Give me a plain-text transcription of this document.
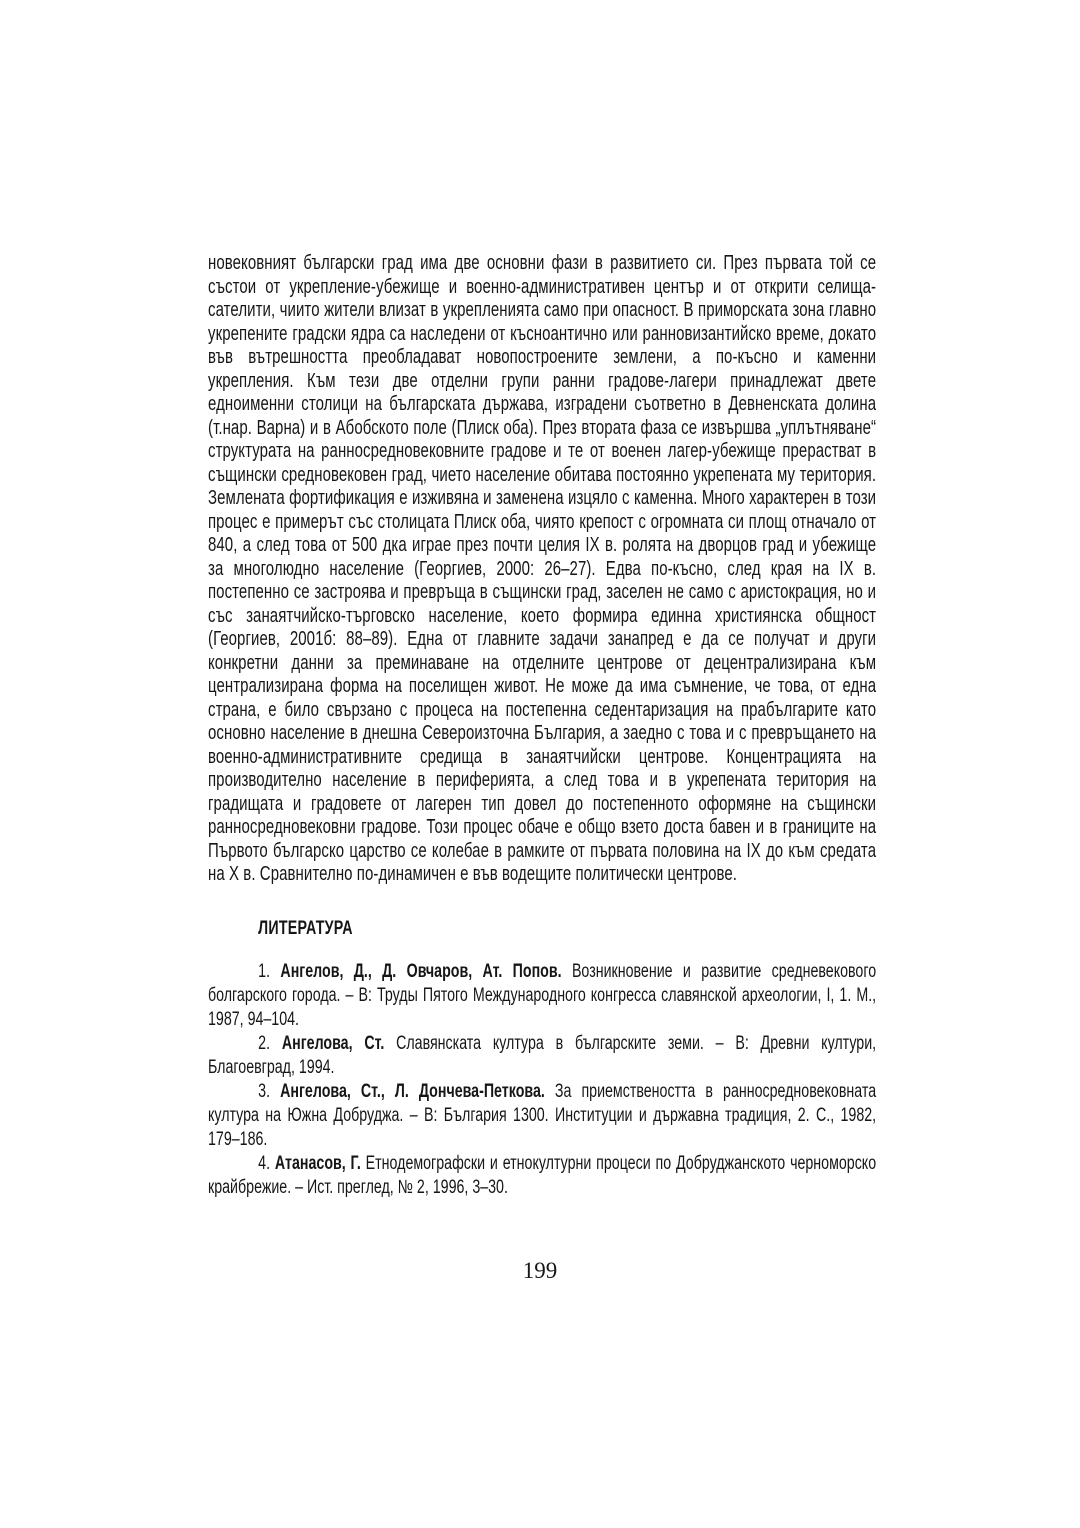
новековният български град има две основни фази в развитието си. През първата той се състои от укрепление-убежище и военно-административен център и от открити селища-сателити, чиито жители влизат в укрепленията само при опасност. В приморската зона главно укрепените градски ядра са наследени от късноантично или ранновизантийско време, докато във вътрешността преобладават новопостроените землени, а по-късно и каменни укрепления. Към тези две отделни групи ранни градове-лагери принадлежат двете едноименни столици на българската държава, изградени съответно в Девненската долина (т.нар. Варна) и в Абобското поле (Плиск оба). През втората фаза се извършва „уплътняване“ структурата на ранносредновековните градове и те от военен лагер-убежище прерастват в същински средновековен град, чието население обитава постоянно укрепената му територия. Землената фортификация е изживяна и заменена изцяло с каменна. Много характерен в този процес е примерът със столицата Плиск оба, чиято крепост с огромната си площ отначало от 840, а след това от 500 дка играе през почти целия IX в. ролята на дворцов град и убежище за многолюдно население (Георгиев, 2000: 26–27). Едва по-късно, след края на IX в. постепенно се застроява и превръща в същински град, заселен не само с аристокрация, но и със занаятчийско-търговско население, което формира единна християнска общност (Георгиев, 2001б: 88–89). Една от главните задачи занапред е да се получат и други конкретни данни за преминаване на отделните центрове от децентрализирана към централизирана форма на поселищен живот. Не може да има съмнение, че това, от една страна, е било свързано с процеса на постепенна седентаризация на прабългарите като основно население в днешна Североизточна България, а заедно с това и с превръщането на военно-административните средища в занаятчийски центрове. Концентрацията на производително население в периферията, а след това и в укрепената територия на градищата и градовете от лагерен тип довел до постепенното оформяне на същински ранносредновековни градове. Този процес обаче е общо взето доста бавен и в границите на Първото българско царство се колебае в рамките от първата половина на IX до към средата на X в. Сравнително по-динамичен е във водещите политически центрове.

ЛИТЕРАТУРА

1. Ангелов, Д., Д. Овчаров, Ат. Попов. Возникновение и развитие средневекового болгарского города. – В: Труды Пятого Международного конгресса славянской археологии, I, 1. М., 1987, 94–104.

2. Ангелова, Ст. Славянската култура в българските земи. – В: Древни култури, Благоевград, 1994.

3. Ангелова, Ст., Л. Дончева-Петкова. За приемствеността в ранносредновековната култура на Южна Добруджа. – В: България 1300. Институции и държавна традиция, 2. С., 1982, 179–186.

4. Атанасов, Г. Етнодемографски и етнокултурни процеси по Добруджанското черноморско крайбрежие. – Ист. преглед, № 2, 1996, 3–30.

199
